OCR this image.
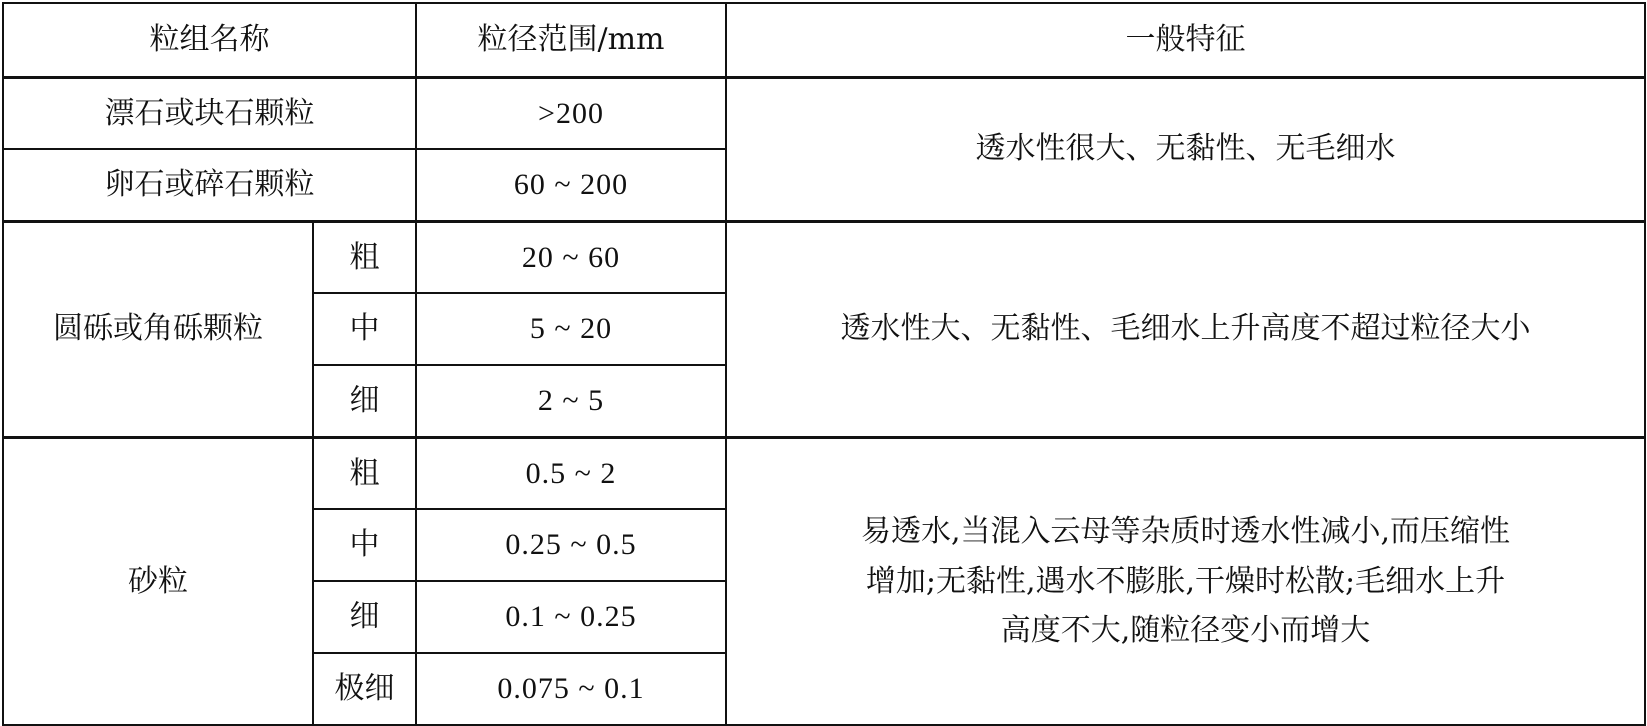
粒组名称		粒径范围/mm	一般特征
漂石或块石颗粒		>200	透水性很大、无黏性、无毛细水
卵石或碎石颗粒		60 ~ 200	
圆砾或角砾颗粒	粗	20 ~ 60	透水性大、无黏性、毛细水上升高度不超过粒径大小
	中	5 ~ 20	
	细	2 ~ 5	
砂粒	粗	0.5 ~ 2	易透水,当混入云母等杂质时透水性减小,而压缩性
增加;无黏性,遇水不膨胀,干燥时松散;毛细水上升
高度不大,随粒径变小而增大

	中	0.25 ~ 0.5	
	细	0.1 ~ 0.25	
	极细	0.075 ~ 0.1	
